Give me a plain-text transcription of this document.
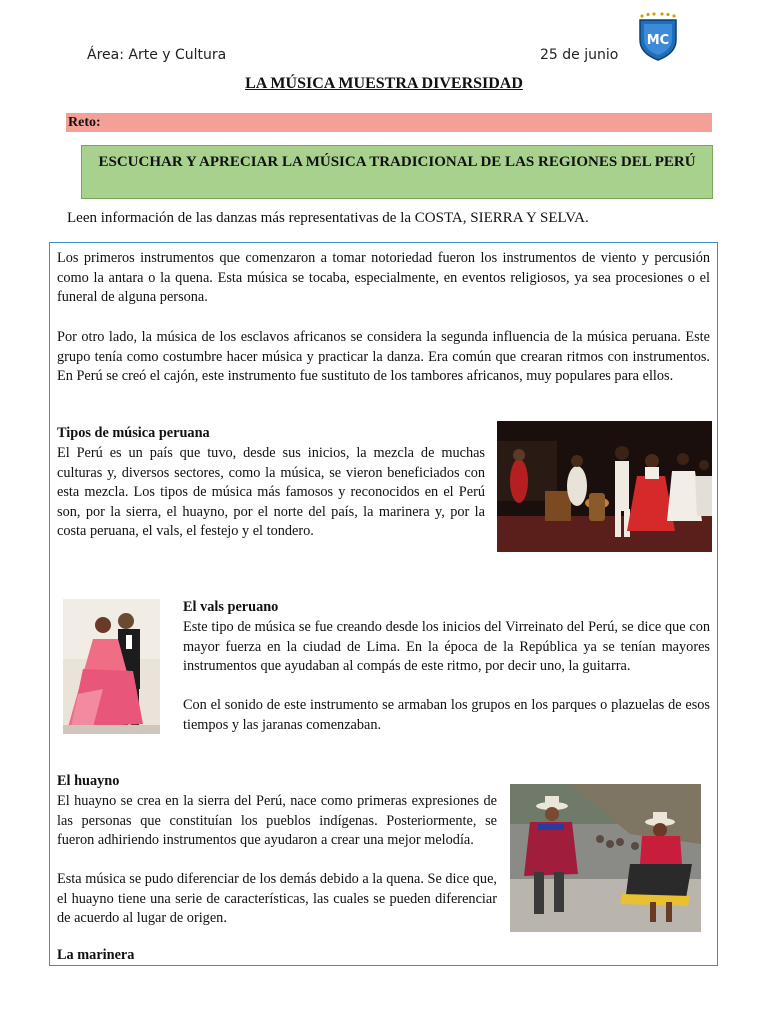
Área: Arte y Cultura	25 de junio
MC
LA MÚSICA MUESTRA DIVERSIDAD
Reto:
ESCUCHAR Y APRECIAR LA MÚSICA TRADICIONAL DE LAS REGIONES DEL PERÚ
Leen información de las danzas más representativas de la COSTA, SIERRA Y SELVA.
Los primeros instrumentos que comenzaron a tomar notoriedad fueron los instrumentos de viento y percusión como la antara o la quena. Esta música se tocaba, especialmente, en eventos religiosos, ya sea procesiones o el funeral de alguna persona.
Por otro lado, la música de los esclavos africanos se considera la segunda influencia de la música peruana. Este grupo tenía como costumbre hacer música y practicar la danza. Era común que crearan ritmos con instrumentos. En Perú se creó el cajón, este instrumento fue sustituto de los tambores africanos, muy populares para ellos.
Tipos de música peruana
El Perú es un país que tuvo, desde sus inicios, la mezcla de muchas culturas y, diversos sectores, como la música, se vieron beneficiados con esta mezcla. Los tipos de música más famosos y reconocidos en el Perú son, por la sierra, el huayno, por el norte del país, la marinera y, por la costa peruana, el vals, el festejo y el tondero.
El vals peruano
Este tipo de música se fue creando desde los inicios del Virreinato del Perú, se dice que con mayor fuerza en la ciudad de Lima. En la época de la República ya se tenían mayores instrumentos que ayudaban al compás de este ritmo, por decir uno, la guitarra.
Con el sonido de este instrumento se armaban los grupos en los parques o plazuelas de esos tiempos y las jaranas comenzaban.
El huayno
El huayno se crea en la sierra del Perú, nace como primeras expresiones de las personas que constituían los pueblos indígenas. Posteriormente, se fueron adhiriendo instrumentos que ayudaron a crear una mejor melodía.
Esta música se pudo diferenciar de los demás debido a la quena. Se dice que, el huayno tiene una serie de características, las cuales se pueden diferenciar de acuerdo al lugar de origen.
La marinera
